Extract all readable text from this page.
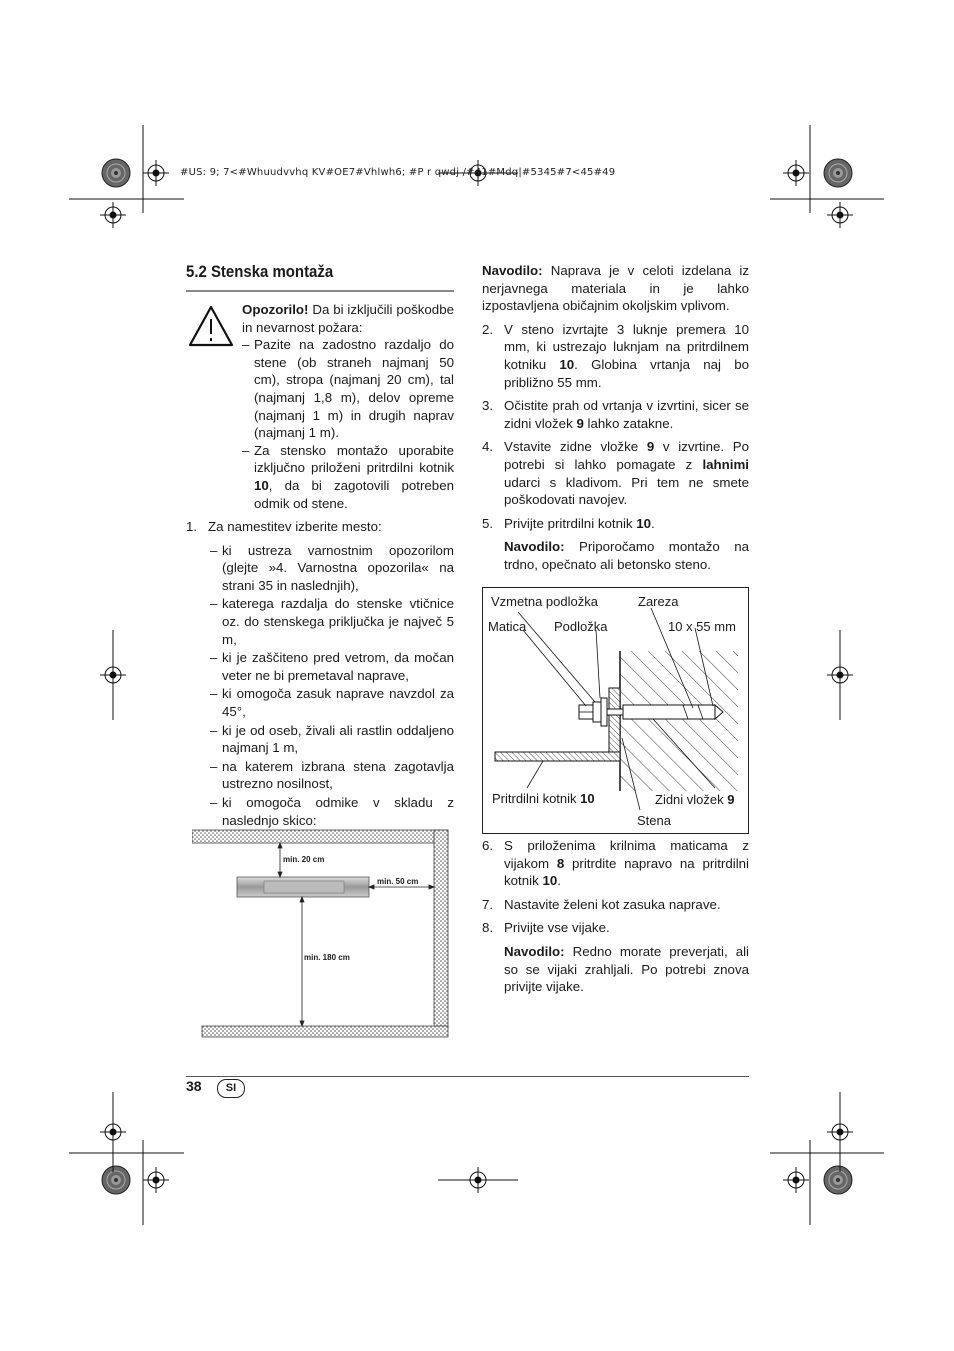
#US: 9; 7<#Whuudvvhq KV#OE7#Vhlwh6; #P r qwdj /#41#Mdq|#5345#7<45#49
5.2 Stenska montaža

Opozorilo! Da bi izključili poškodbe in nevarnost požara:

– Pazite na zadostno razdaljo do stene (ob straneh najmanj 50 cm), stropa (najmanj 20 cm), tal (najmanj 1,8 m), delov opreme (najmanj 1 m) in drugih naprav (najmanj 1 m).
– Za stensko montažo uporabite izključno priloženi pritrdilni kotnik 10, da bi zagotovili potreben odmik od stene.
1. Za namestitev izberite mesto:
– ki ustreza varnostnim opozorilom (glejte »4. Varnostna opozorila« na strani 35 in naslednjih),
– katerega razdalja do stenske vtičnice oz. do stenskega priključka je največ 5 m,
– ki je zaščiteno pred vetrom, da močan veter ne bi premetaval naprave,
– ki omogoča zasuk naprave navzdol za 45°,
– ki je od oseb, živali ali rastlin oddaljeno najmanj 1 m,
– na katerem izbrana stena zagotavlja ustrezno nosilnost,
– ki omogoča odmike v skladu z naslednjo skico:
min. 20 cm
min. 50 cm
min. 180 cm

Navodilo: Naprava je v celoti izdelana iz nerjavnega materiala in je lahko izpostavljena običajnim okoljskim vplivom.

2. V steno izvrtajte 3 luknje premera 10 mm, ki ustrezajo luknjam na pritrdilnem kotniku 10. Globina vrtanja naj bo približno 55 mm.
3. Očistite prah od vrtanja v izvrtini, sicer se zidni vložek 9 lahko zatakne.
4. Vstavite zidne vložke 9 v izvrtine. Po potrebi si lahko pomagate z lahnimi udarci s kladivom. Pri tem ne smete poškodovati navojev.
5. Privijte pritrdilni kotnik 10.

Navodilo: Priporočamo montažo na trdno, opečnato ali betonsko steno.

Vzmetna podložka	Zareza
Matica Podložka	10 x 55 mm
Pritrdilni kotnik 10	Zidni vložek 9
Stena
6. S priloženima krilnima maticama z vijakom 8 pritrdite napravo na pritrdilni kotnik 10.
7. Nastavite želeni kot zasuka naprave.
8. Privijte vse vijake.

Navodilo: Redno morate preverjati, ali so se vijaki zrahljali. Po potrebi znova privijte vijake.

38	SI
